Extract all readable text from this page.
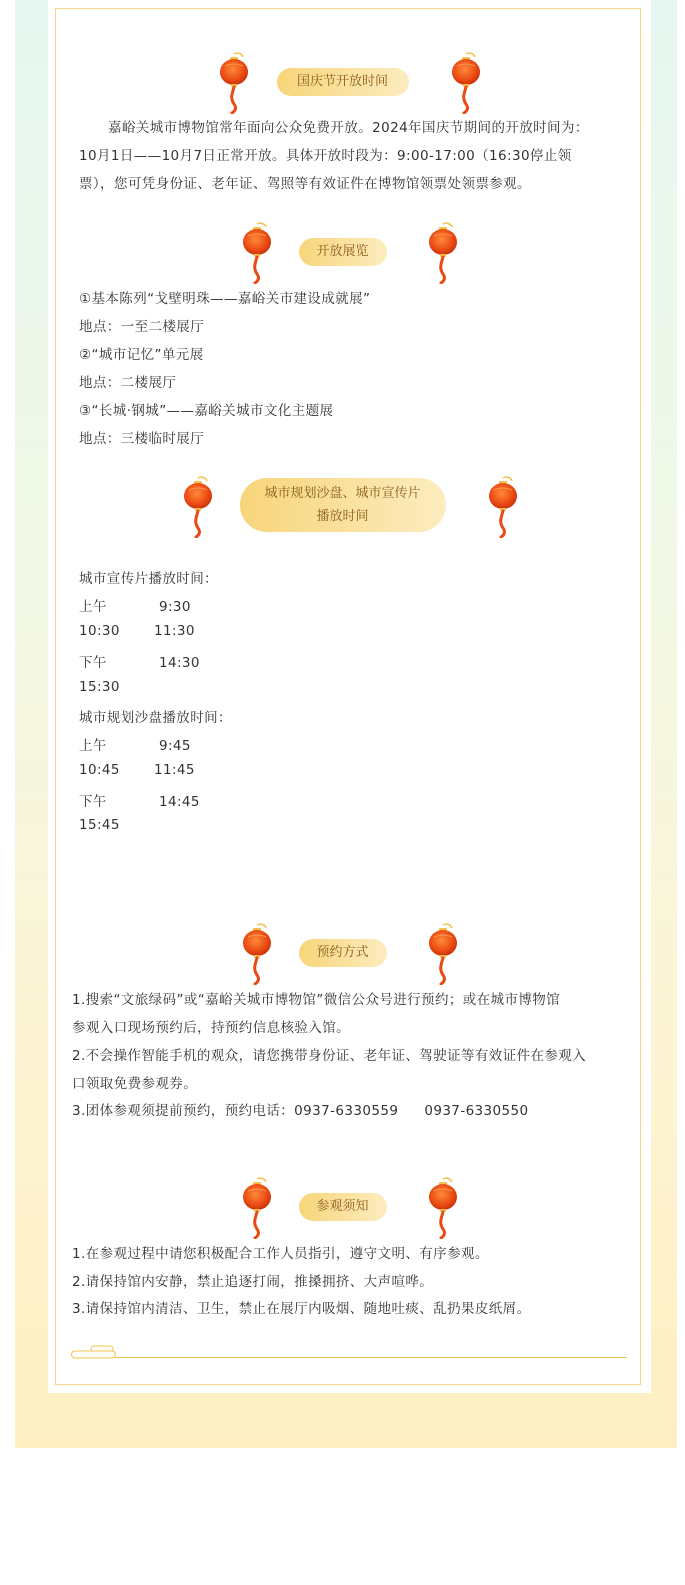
国庆节开放时间
嘉峪关城市博物馆常年面向公众免费开放。2024年国庆节期间的开放时间为：
10月1日——10月7日正常开放。具体开放时段为：9:00-17:00（16:30停止领
票），您可凭身份证、老年证、驾照等有效证件在博物馆领票处领票参观。
开放展览
①基本陈列“戈壁明珠——嘉峪关市建设成就展”
地点：一至二楼展厅
②“城市记忆”单元展
地点：二楼展厅
③“长城·钢城”——嘉峪关城市文化主题展
地点：三楼临时展厅
城市规划沙盘、城市宣传片
播放时间
城市宣传片播放时间：
上午	9:30
10:30	11:30
下午	14:30
15:30
城市规划沙盘播放时间：
上午	9:45
10:45	11:45
下午	14:45
15:45
预约方式
1.搜索“文旅绿码”或“嘉峪关城市博物馆”微信公众号进行预约；或在城市博物馆
参观入口现场预约后，持预约信息核验入馆。
2.不会操作智能手机的观众，请您携带身份证、老年证、驾驶证等有效证件在参观入
口领取免费参观券。
3.团体参观须提前预约，预约电话：0937-6330559 0937-6330550
参观须知
1.在参观过程中请您积极配合工作人员指引，遵守文明、有序参观。
2.请保持馆内安静，禁止追逐打闹，推搡拥挤、大声喧哗。
3.请保持馆内清洁、卫生，禁止在展厅内吸烟、随地吐痰、乱扔果皮纸屑。
